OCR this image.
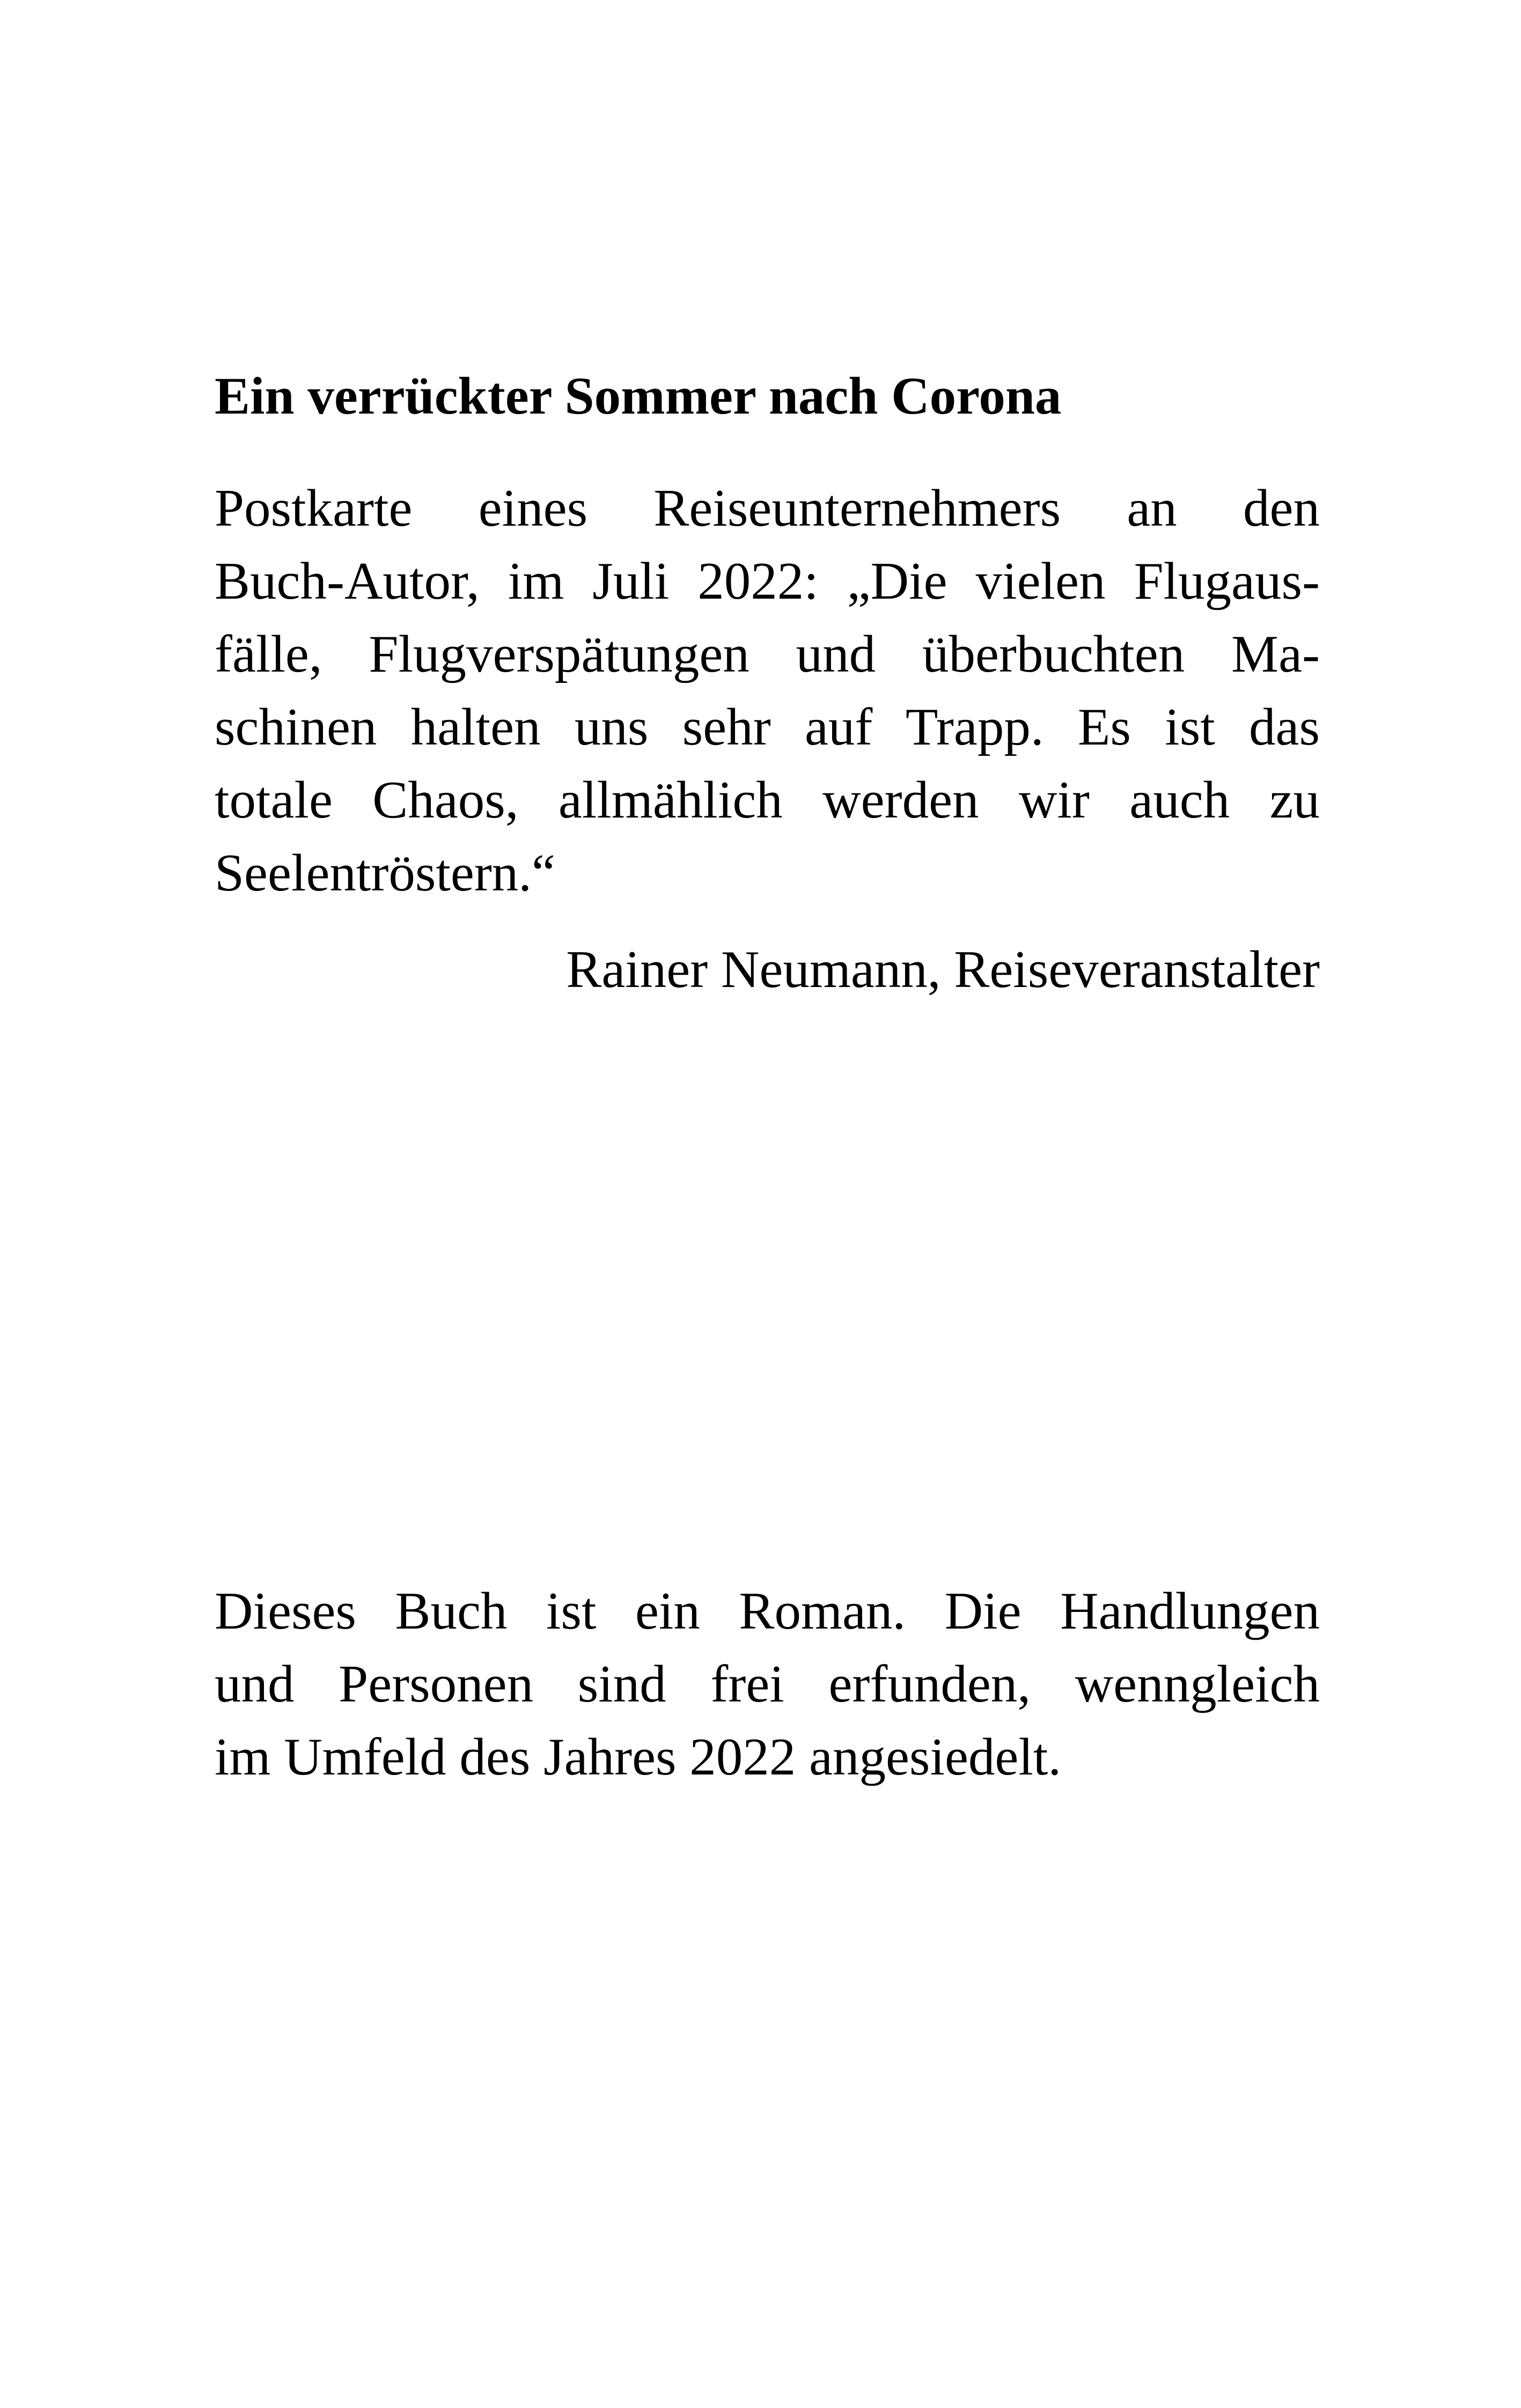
Ein verrückter Sommer nach Corona
Postkarte eines Reiseunternehmers an den
Buch-Autor, im Juli 2022: „Die vielen Flugaus-
fälle, Flugverspätungen und überbuchten Ma-
schinen halten uns sehr auf Trapp. Es ist das
totale Chaos, allmählich werden wir auch zu
Seelentröstern.“

Rainer Neumann, Reiseveranstalter

Dieses Buch ist ein Roman. Die Handlungen
und Personen sind frei erfunden, wenngleich
im Umfeld des Jahres 2022 angesiedelt.
